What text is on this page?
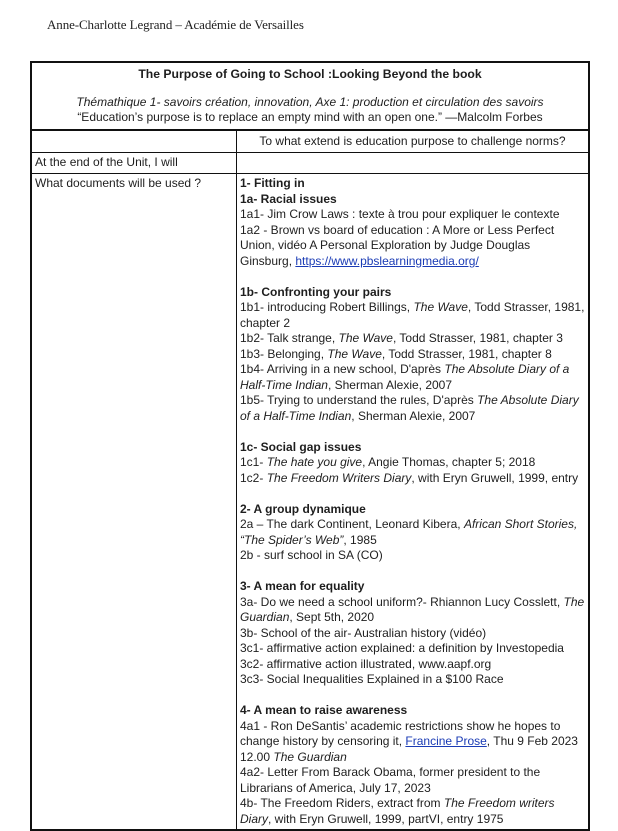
Anne-Charlotte Legrand – Académie de Versailles
The Purpose of Going to School :Looking Beyond the book
Thémathique 1- savoirs création, innovation, Axe 1: production et circulation des savoirs
“Education’s purpose is to replace an empty mind with an open one.” —Malcolm Forbes
To what extend is education purpose to challenge norms?
At the end of the Unit, I will
What documents will be used ?	1- Fitting in
1a- Racial issues
1a1- Jim Crow Laws : texte à trou pour expliquer le contexte
1a2 - Brown vs board of education : A More or Less Perfect Union, vidéo A Personal Exploration by Judge Douglas Ginsburg, https://www.pbslearningmedia.org/
1b- Confronting your pairs
1b1- introducing Robert Billings, The Wave, Todd Strasser, 1981, chapter 2
1b2- Talk strange, The Wave, Todd Strasser, 1981, chapter 3
1b3- Belonging, The Wave, Todd Strasser, 1981, chapter 8
1b4- Arriving in a new school, D'après The Absolute Diary of a Half-Time Indian, Sherman Alexie, 2007
1b5- Trying to understand the rules, D'après The Absolute Diary of a Half-Time Indian, Sherman Alexie, 2007
1c- Social gap issues
1c1- The hate you give, Angie Thomas, chapter 5; 2018
1c2- The Freedom Writers Diary, with Eryn Gruwell, 1999, entry
2- A group dynamique
2a – The dark Continent, Leonard Kibera, African Short Stories, “The Spider’s Web”, 1985
2b - surf school in SA (CO)
3- A mean for equality
3a- Do we need a school uniform?- Rhiannon Lucy Cosslett, The Guardian, Sept 5th, 2020
3b- School of the air- Australian history (vidéo)
3c1- affirmative action explained: a definition by Investopedia
3c2- affirmative action illustrated, www.aapf.org
3c3- Social Inequalities Explained in a $100 Race
4- A mean to raise awareness
4a1 - Ron DeSantis’ academic restrictions show he hopes to change history by censoring it, Francine Prose, Thu 9 Feb 2023 12.00 The Guardian
4a2- Letter From Barack Obama, former president to the Librarians of America, July 17, 2023
4b- The Freedom Riders, extract from The Freedom writers Diary, with Eryn Gruwell, 1999, partVI, entry 1975
